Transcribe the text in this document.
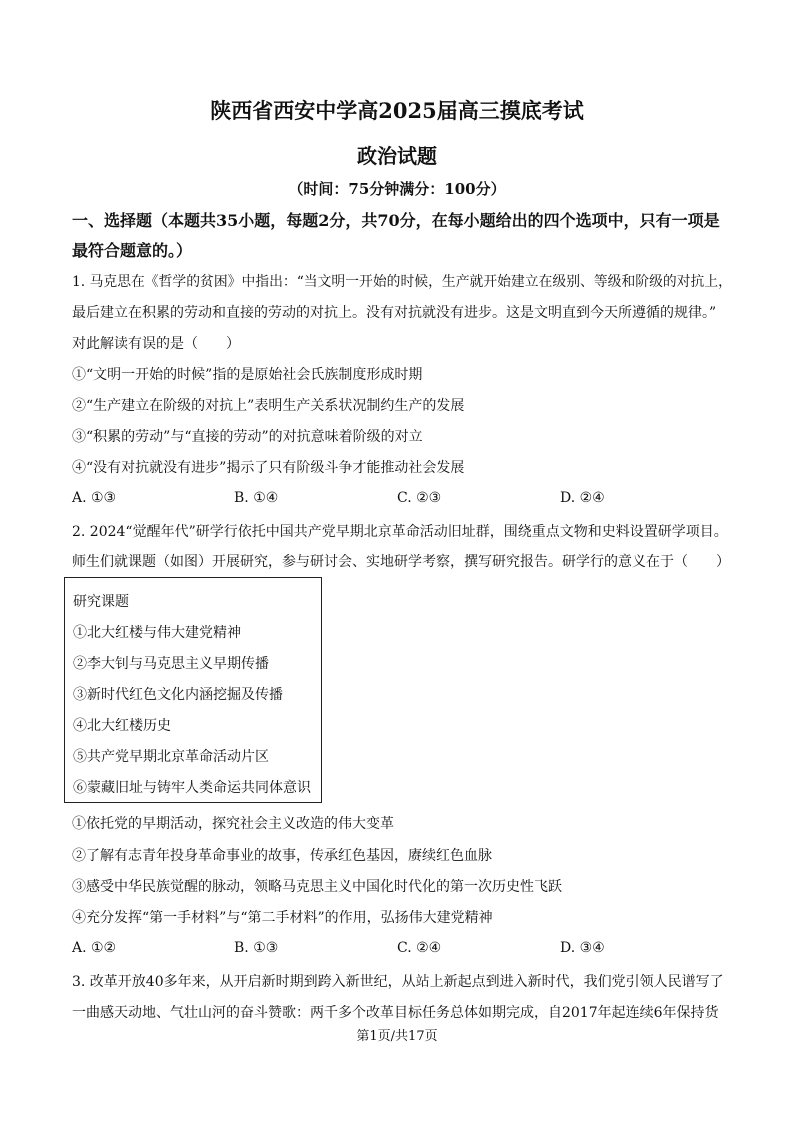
陕西省西安中学高2025届高三摸底考试
政治试题
（时间：75分钟满分：100分）
一、选择题（本题共35小题，每题2分，共70分，在每小题给出的四个选项中，只有一项是最符合题意的。）
1. 马克思在《哲学的贫困》中指出：“当文明一开始的时候，生产就开始建立在级别、等级和阶级的对抗上，
最后建立在积累的劳动和直接的劳动的对抗上。没有对抗就没有进步。这是文明直到今天所遵循的规律。”
对此解读有误的是（　　）
①“文明一开始的时候”指的是原始社会氏族制度形成时期
②“生产建立在阶级的对抗上”表明生产关系状况制约生产的发展
③“积累的劳动”与“直接的劳动”的对抗意味着阶级的对立
④“没有对抗就没有进步”揭示了只有阶级斗争才能推动社会发展
A. ①③	B. ①④	C. ②③	D. ②④
2. 2024“觉醒年代”研学行依托中国共产党早期北京革命活动旧址群，围绕重点文物和史料设置研学项目。
师生们就课题（如图）开展研究，参与研讨会、实地研学考察，撰写研究报告。研学行的意义在于（　　）
研究课题
①北大红楼与伟大建党精神
②李大钊与马克思主义早期传播
③新时代红色文化内涵挖掘及传播
④北大红楼历史
⑤共产党早期北京革命活动片区
⑥蒙藏旧址与铸牢人类命运共同体意识
①依托党的早期活动，探究社会主义改造的伟大变革
②了解有志青年投身革命事业的故事，传承红色基因，赓续红色血脉
③感受中华民族觉醒的脉动，领略马克思主义中国化时代化的第一次历史性飞跃
④充分发挥“第一手材料”与“第二手材料”的作用，弘扬伟大建党精神
A. ①②	B. ①③	C. ②④	D. ③④
3. 改革开放40多年来，从开启新时期到跨入新世纪，从站上新起点到进入新时代，我们党引领人民谱写了
一曲感天动地、气壮山河的奋斗赞歌：两千多个改革目标任务总体如期完成，自2017年起连续6年保持货
第1页/共17页
